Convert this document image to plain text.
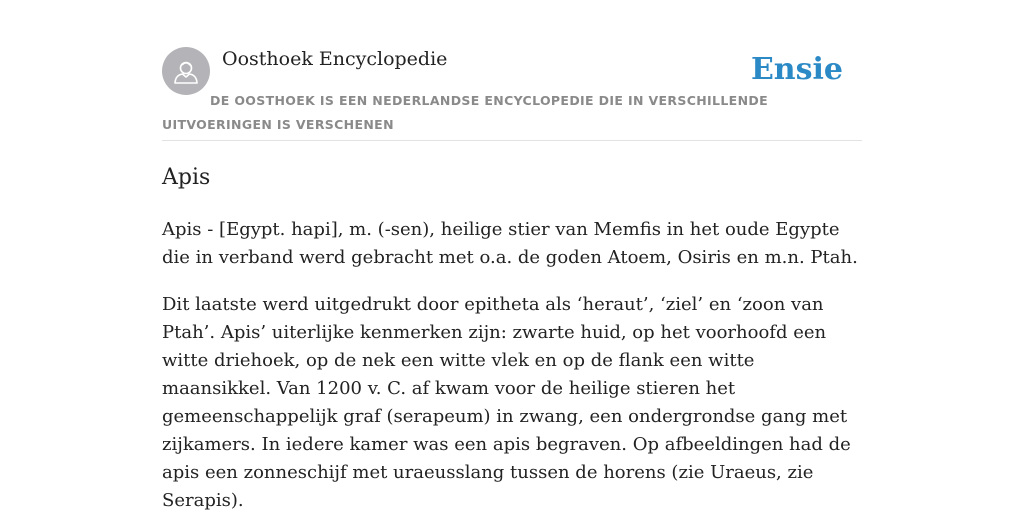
Oosthoek Encyclopedie	Ensie
DE OOSTHOEK IS EEN NEDERLANDSE ENCYCLOPEDIE DIE IN VERSCHILLENDE UITVOERINGEN IS VERSCHENEN
Apis

Apis - [Egypt. hapi], m. (-sen), heilige stier van Memfis in het oude Egypte die in verband werd gebracht met o.a. de goden Atoem, Osiris en m.n. Ptah.

Dit laatste werd uitgedrukt door epitheta als ‘heraut’, ‘ziel’ en ‘zoon van Ptah’. Apis’ uiterlijke kenmerken zijn: zwarte huid, op het voorhoofd een witte driehoek, op de nek een witte vlek en op de flank een witte maansikkel. Van 1200 v. C. af kwam voor de heilige stieren het gemeenschappelijk graf (serapeum) in zwang, een ondergrondse gang met zijkamers. In iedere kamer was een apis begraven. Op afbeeldingen had de apis een zonneschijf met uraeusslang tussen de horens (zie Uraeus, zie Serapis).
